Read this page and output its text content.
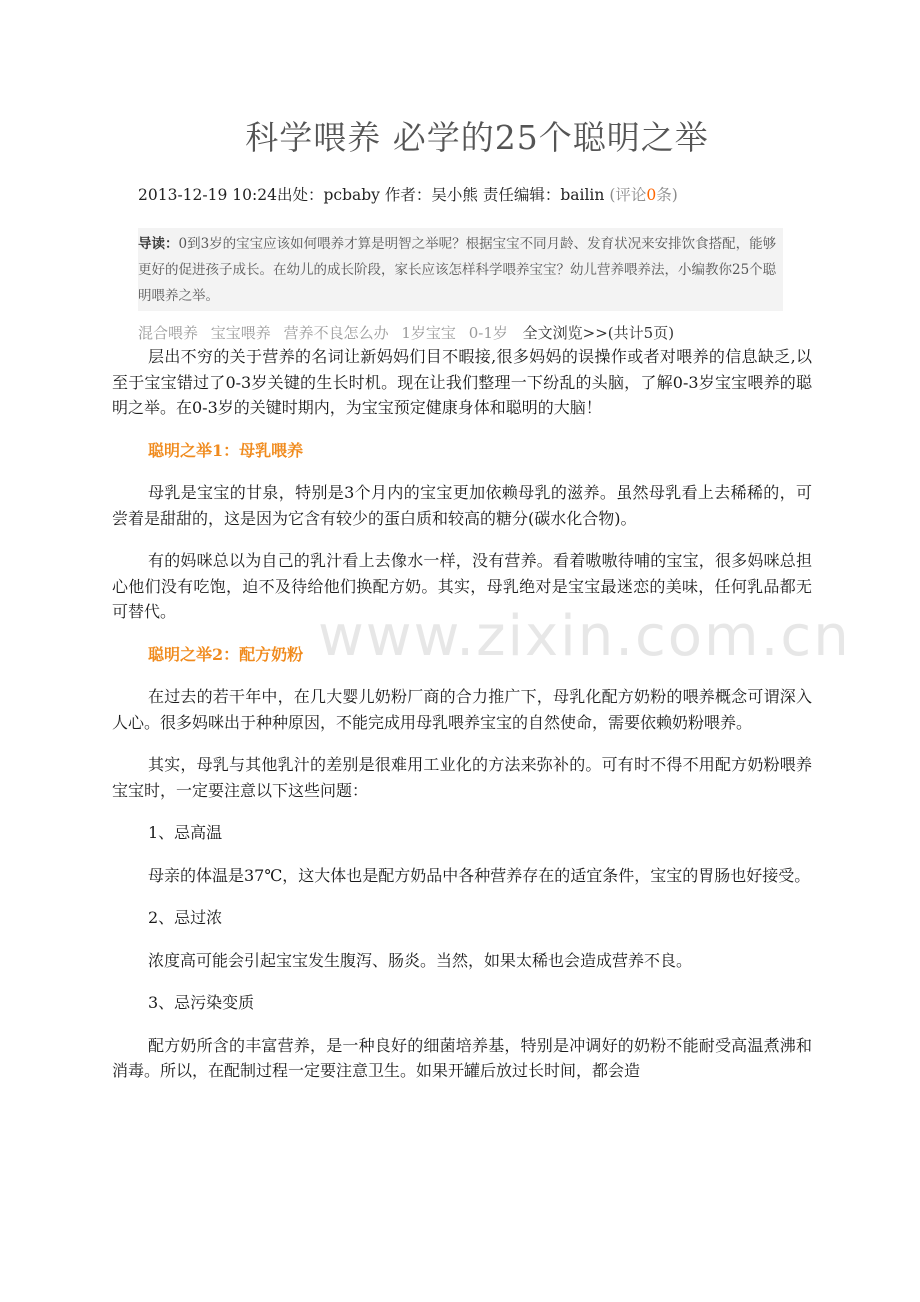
科学喂养 必学的25个聪明之举
2013-12-19 10:24出处：pcbaby 作者：吴小熊 责任编辑：bailin (评论0条)
导读：0到3岁的宝宝应该如何喂养才算是明智之举呢？根据宝宝不同月龄、发育状况来安排饮食搭配，能够更好的促进孩子成长。在幼儿的成长阶段，家长应该怎样科学喂养宝宝？幼儿营养喂养法，小编教你25个聪明喂养之举。
混合喂养 宝宝喂养 营养不良怎么办 1岁宝宝 0-1岁 全文浏览>>(共计5页)

层出不穷的关于营养的名词让新妈妈们目不暇接,很多妈妈的误操作或者对喂养的信息缺乏,以至于宝宝错过了0-3岁关键的生长时机。现在让我们整理一下纷乱的头脑，了解0-3岁宝宝喂养的聪明之举。在0-3岁的关键时期内，为宝宝预定健康身体和聪明的大脑！

聪明之举1：母乳喂养

母乳是宝宝的甘泉，特别是3个月内的宝宝更加依赖母乳的滋养。虽然母乳看上去稀稀的，可尝着是甜甜的，这是因为它含有较少的蛋白质和较高的糖分(碳水化合物)。

有的妈咪总以为自己的乳汁看上去像水一样，没有营养。看着嗷嗷待哺的宝宝，很多妈咪总担心他们没有吃饱，迫不及待给他们换配方奶。其实，母乳绝对是宝宝最迷恋的美味，任何乳品都无可替代。

聪明之举2：配方奶粉

在过去的若干年中，在几大婴儿奶粉厂商的合力推广下，母乳化配方奶粉的喂养概念可谓深入人心。很多妈咪出于种种原因，不能完成用母乳喂养宝宝的自然使命，需要依赖奶粉喂养。

其实，母乳与其他乳汁的差别是很难用工业化的方法来弥补的。可有时不得不用配方奶粉喂养宝宝时，一定要注意以下这些问题：

1、忌高温

母亲的体温是37℃，这大体也是配方奶品中各种营养存在的适宜条件，宝宝的胃肠也好接受。

2、忌过浓

浓度高可能会引起宝宝发生腹泻、肠炎。当然，如果太稀也会造成营养不良。

3、忌污染变质

配方奶所含的丰富营养，是一种良好的细菌培养基，特别是冲调好的奶粉不能耐受高温煮沸和消毒。所以，在配制过程一定要注意卫生。如果开罐后放过长时间，都会造

www.zixin.com.cn
